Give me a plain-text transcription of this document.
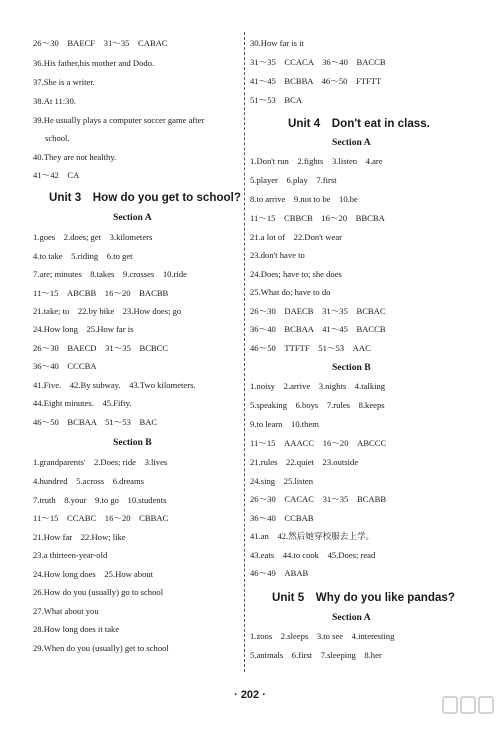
26～30　BAECF　31～35　CABAC
36.His father,his mother and Dodo.
37.She is a writer.
38.At 11:30.
39.He usually plays a computer soccer game after
school.
40.They are not healthy.
41～42　CA
Unit 3　How do you get to school?
Section A
1.goes　2.does; get　3.kilometers
4.to take　5.riding　6.to get
7.are; minutes　8.takes　9.crosses　10.ride
11～15　ABCBB　16～20　BACBB
21.take; to　22.by bike　23.How does; go
24.How long　25.How far is
26～30　BAECD　31～35　BCBCC
36～40　CCCBA
41.Five.　42.By subway.　43.Two kilometers.
44.Eight minutes.　45.Fifty.
46～50　BCBAA　51～53　BAC
Section B
1.grandparents'　2.Does; ride　3.lives
4.hundred　5.across　6.dreams
7.truth　8.your　9.to go　10.students
11～15　CCABC　16～20　CBBAC
21.How far　22.How; like
23.a thirteen-year-old
24.How long does　25.How about
26.How do you (usually) go to school
27.What about you
28.How long does it take
29.When do you (usually) get to school
30.How far is it
31～35　CCACA　36～40　BACCB
41～45　BCBBA　46～50　FTFTT
51～53　BCA
Unit 4　Don't eat in class.
Section A
1.Don't run　2.fights　3.listen　4.are
5.player　6.play　7.first
8.to arrive　9.not to be　10.be
11～15　CBBCB　16～20　BBCBA
21.a lot of　22.Don't wear
23.don't have to
24.Does; have to; she does
25.What do; have to do
26～30　DAECB　31～35　BCBAC
36～40　BCBAA　41～45　BACCB
46～50　TTFTF　51～53　AAC
Section B
1.noisy　2.arrive　3.nights　4.talking
5.speaking　6.boys　7.rules　8.keeps
9.to learn　10.them
11～15　AAACC　16～20　ABCCC
21.rules　22.quiet　23.outside
24.sing　25.listen
26～30　CACAC　31～35　BCABB
36～40　CCBAB
41.an　42.然后她穿校服去上学。
43.eats　44.to cook　45.Does; read
46～49　ABAB
Unit 5　Why do you like pandas?
Section A
1.zoos　2.sleeps　3.to see　4.interesting
5.animals　6.first　7.sleeping　8.her
· 202 ·
